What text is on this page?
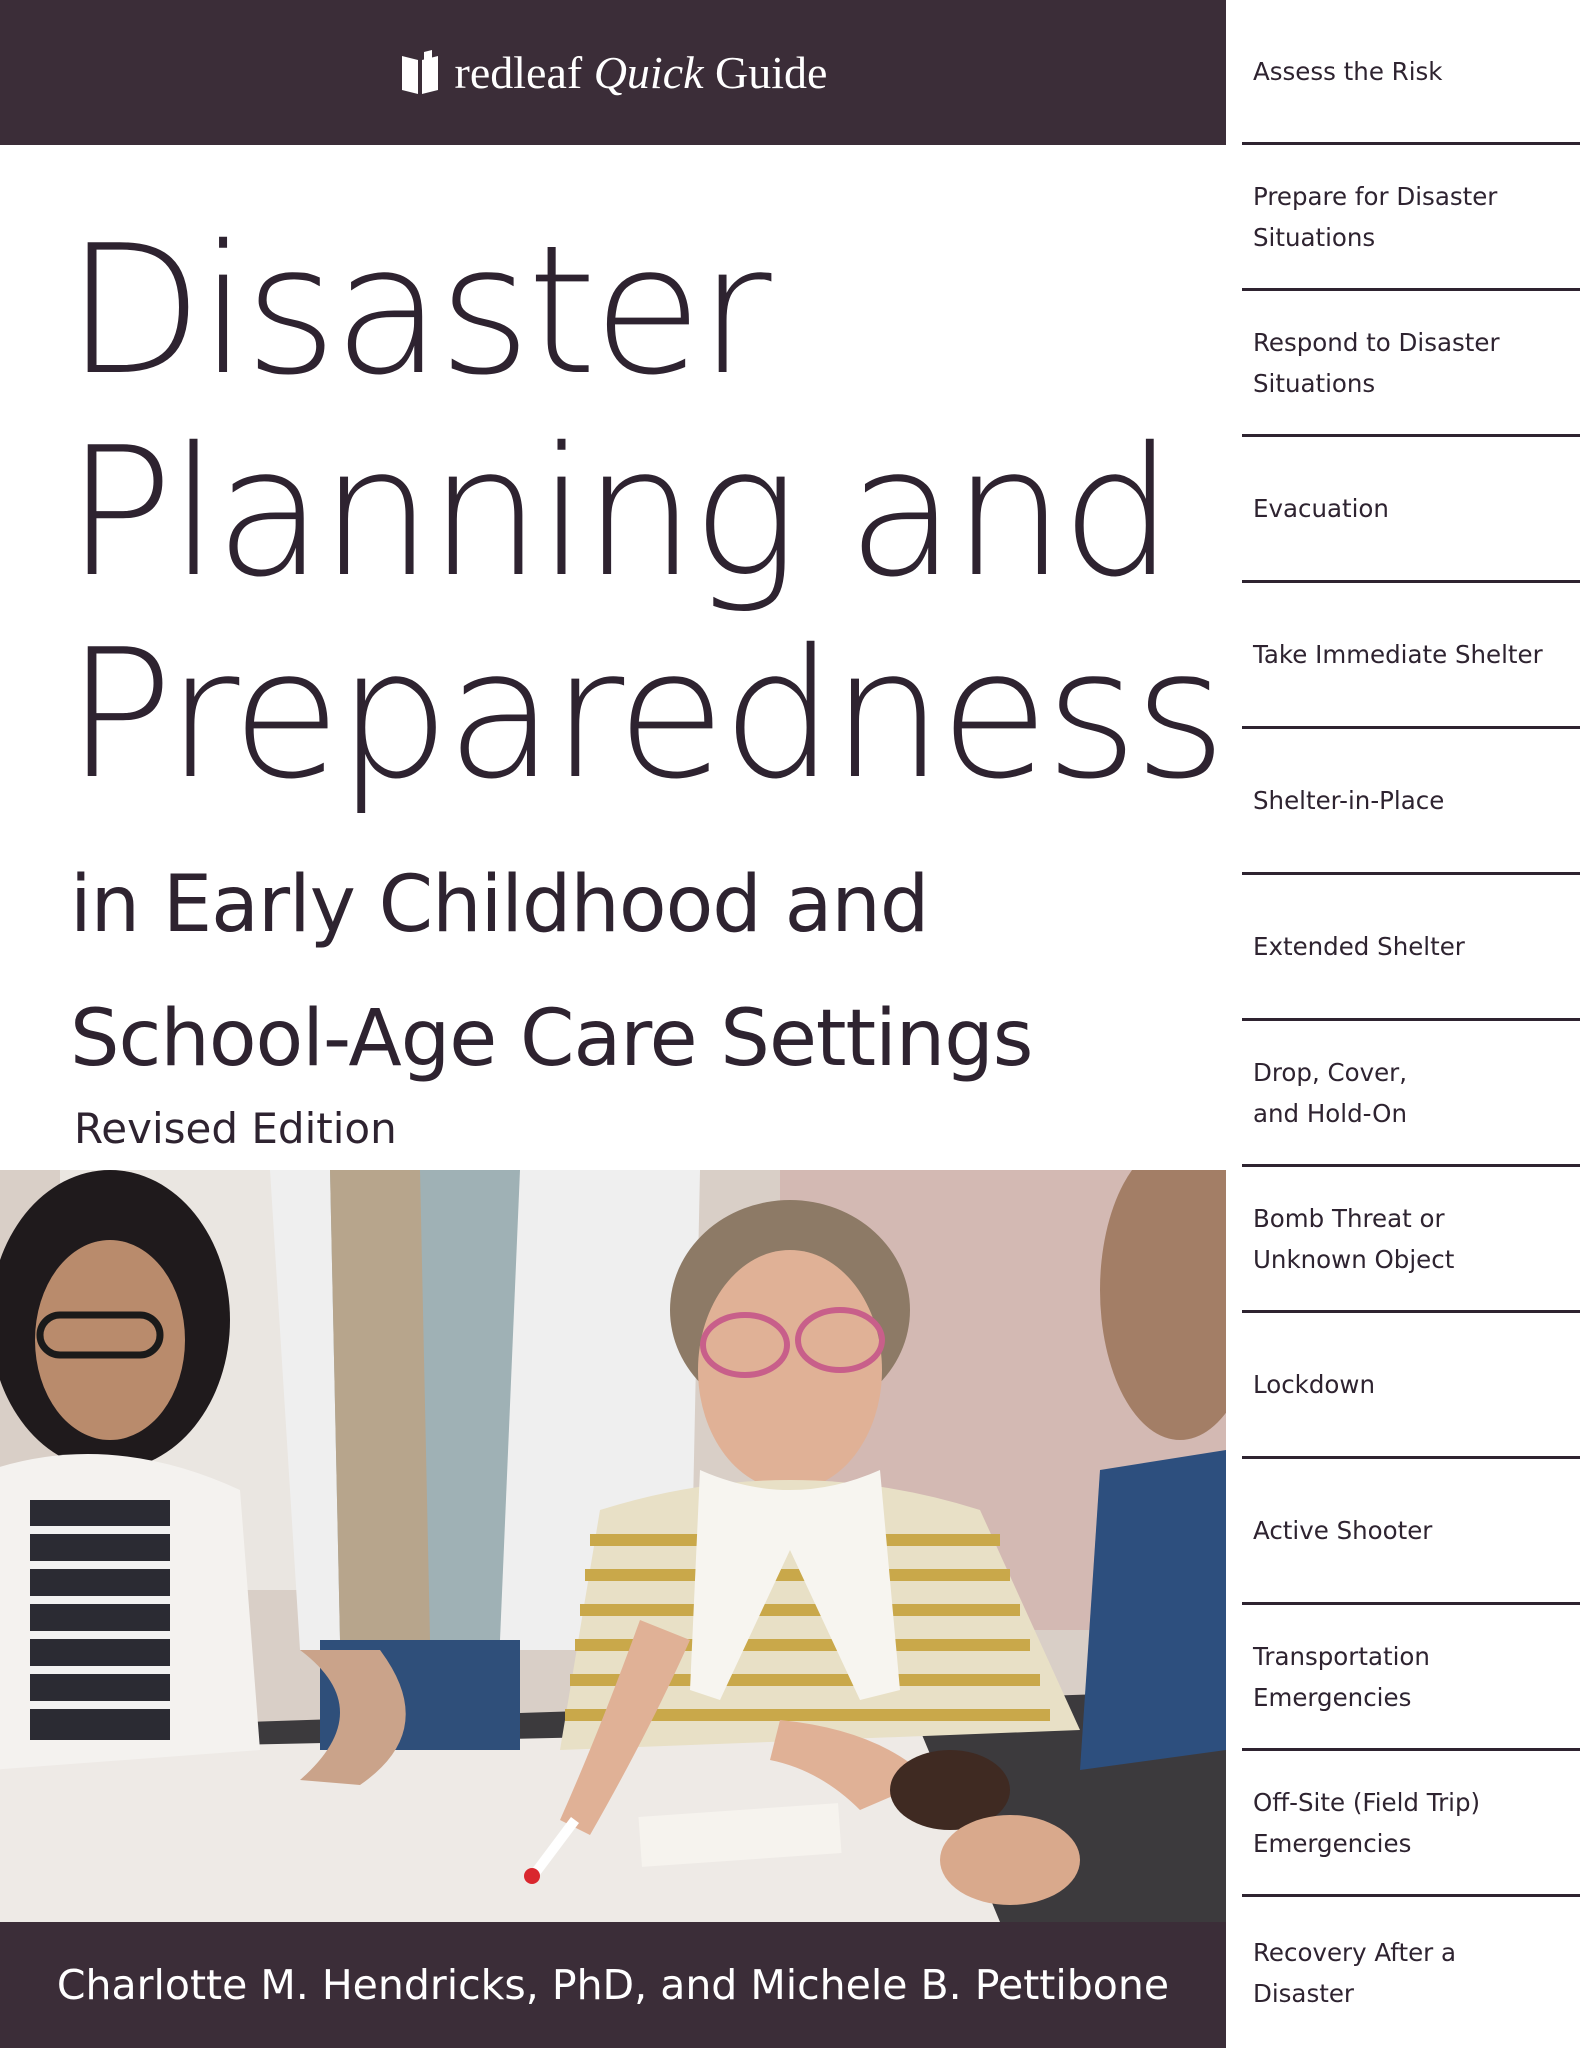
redleaf Quick Guide
Disaster
Planning and
Preparedness
in Early Childhood and
School-Age Care Settings
Revised Edition
Charlotte M. Hendricks, PhD, and Michele B. Pettibone
Assess the Risk
Prepare for Disaster
Situations
Respond to Disaster
Situations
Evacuation
Take Immediate Shelter
Shelter-in-Place
Extended Shelter
Drop, Cover,
and Hold-On
Bomb Threat or
Unknown Object
Lockdown
Active Shooter
Transportation
Emergencies
Off-Site (Field Trip)
Emergencies
Recovery After a
Disaster
